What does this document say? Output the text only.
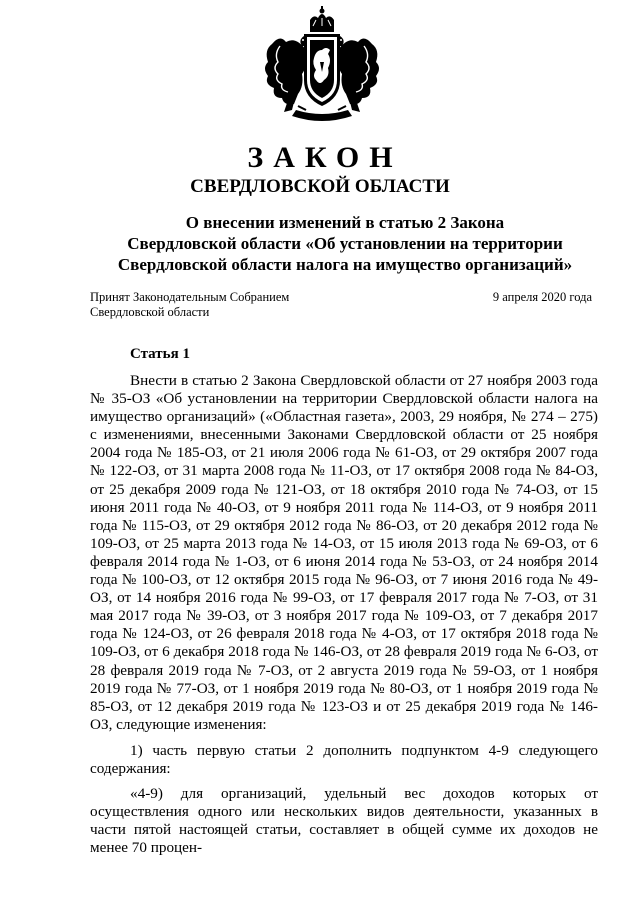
ЗАКОН
СВЕРДЛОВСКОЙ ОБЛАСТИ
О внесении изменений в статью 2 Закона
Свердловской области «Об установлении на территории
Свердловской области налога на имущество организаций»
Принят Законодательным Собранием
Свердловской области
9 апреля 2020 года
Статья 1

Внести в статью 2 Закона Свердловской области от 27 ноября 2003 года № 35-ОЗ «Об установлении на территории Свердловской области налога на имущество организаций» («Областная газета», 2003, 29 ноября, № 274 – 275) с изменениями, внесенными Законами Свердловской области от 25 ноября 2004 года № 185-ОЗ, от 21 июля 2006 года № 61-ОЗ, от 29 октября 2007 года № 122-ОЗ, от 31 марта 2008 года № 11-ОЗ, от 17 октября 2008 года № 84-ОЗ, от 25 декабря 2009 года № 121-ОЗ, от 18 октября 2010 года № 74-ОЗ, от 15 июня 2011 года № 40-ОЗ, от 9 ноября 2011 года № 114-ОЗ, от 9 ноября 2011 года № 115-ОЗ, от 29 октября 2012 года № 86-ОЗ, от 20 декабря 2012 года № 109-ОЗ, от 25 марта 2013 года № 14-ОЗ, от 15 июля 2013 года № 69-ОЗ, от 6 февраля 2014 года № 1-ОЗ, от 6 июня 2014 года № 53-ОЗ, от 24 ноября 2014 года № 100-ОЗ, от 12 октября 2015 года № 96-ОЗ, от 7 июня 2016 года № 49-ОЗ, от 14 ноября 2016 года № 99-ОЗ, от 17 февраля 2017 года № 7-ОЗ, от 31 мая 2017 года № 39-ОЗ, от 3 ноября 2017 года № 109-ОЗ, от 7 декабря 2017 года № 124-ОЗ, от 26 февраля 2018 года № 4-ОЗ, от 17 октября 2018 года № 109-ОЗ, от 6 декабря 2018 года № 146-ОЗ, от 28 февраля 2019 года № 6-ОЗ, от 28 февраля 2019 года № 7-ОЗ, от 2 августа 2019 года № 59-ОЗ, от 1 ноября 2019 года № 77-ОЗ, от 1 ноября 2019 года № 80-ОЗ, от 1 ноября 2019 года № 85-ОЗ, от 12 декабря 2019 года № 123-ОЗ и от 25 декабря 2019 года № 146-ОЗ, следующие изменения:

1) часть первую статьи 2 дополнить подпунктом 4-9 следующего содержания:

«4-9) для организаций, удельный вес доходов которых от осуществления одного или нескольких видов деятельности, указанных в части пятой настоящей статьи, составляет в общей сумме их доходов не менее 70 процен-
